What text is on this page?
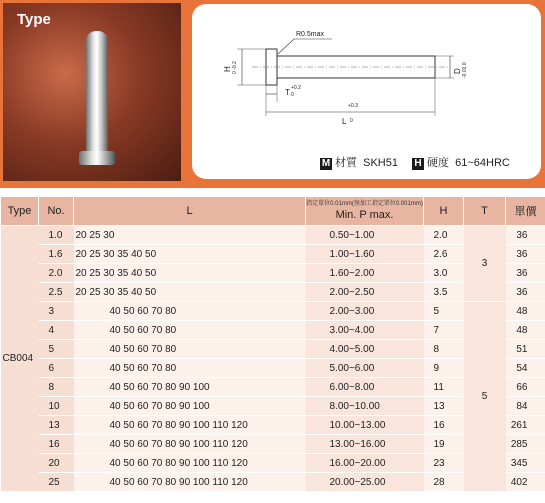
Type
R0.5max
H 0 -0.2	D -0.01 0
T +0.2
0
L
+0.3
0
M 材質 SKH51 H 硬度 61~64HRC
Type	No.	L	指定單位0.01mm(無加工指定單位0.001mm)
Min. P max.	H	T	單價
CB004	1.0	20 25 30	0.50~1.00	2.0	3	36
	1.6	20 25 30 35 40 50	1.00~1.60	2.6		36
	2.0	20 25 30 35 40 50	1.60~2.00	3.0		36
	2.5	20 25 30 35 40 50	2.00~2.50	3.5		36
	3	40 50 60 70 80	2.00~3.00	5	5	48
	4	40 50 60 70 80	3.00~4.00	7		48
	5	40 50 60 70 80	4.00~5.00	8		51
	6	40 50 60 70 80	5.00~6.00	9		54
	8	40 50 60 70 80 90 100	6.00~8.00	11		66
	10	40 50 60 70 80 90 100	8.00~10.00	13		84
	13	40 50 60 70 80 90 100 110 120	10.00~13.00	16		261
	16	40 50 60 70 80 90 100 110 120	13.00~16.00	19		285
	20	40 50 60 70 80 90 100 110 120	16.00~20.00	23		345
	25	40 50 60 70 80 90 100 110 120	20.00~25.00	28		402
